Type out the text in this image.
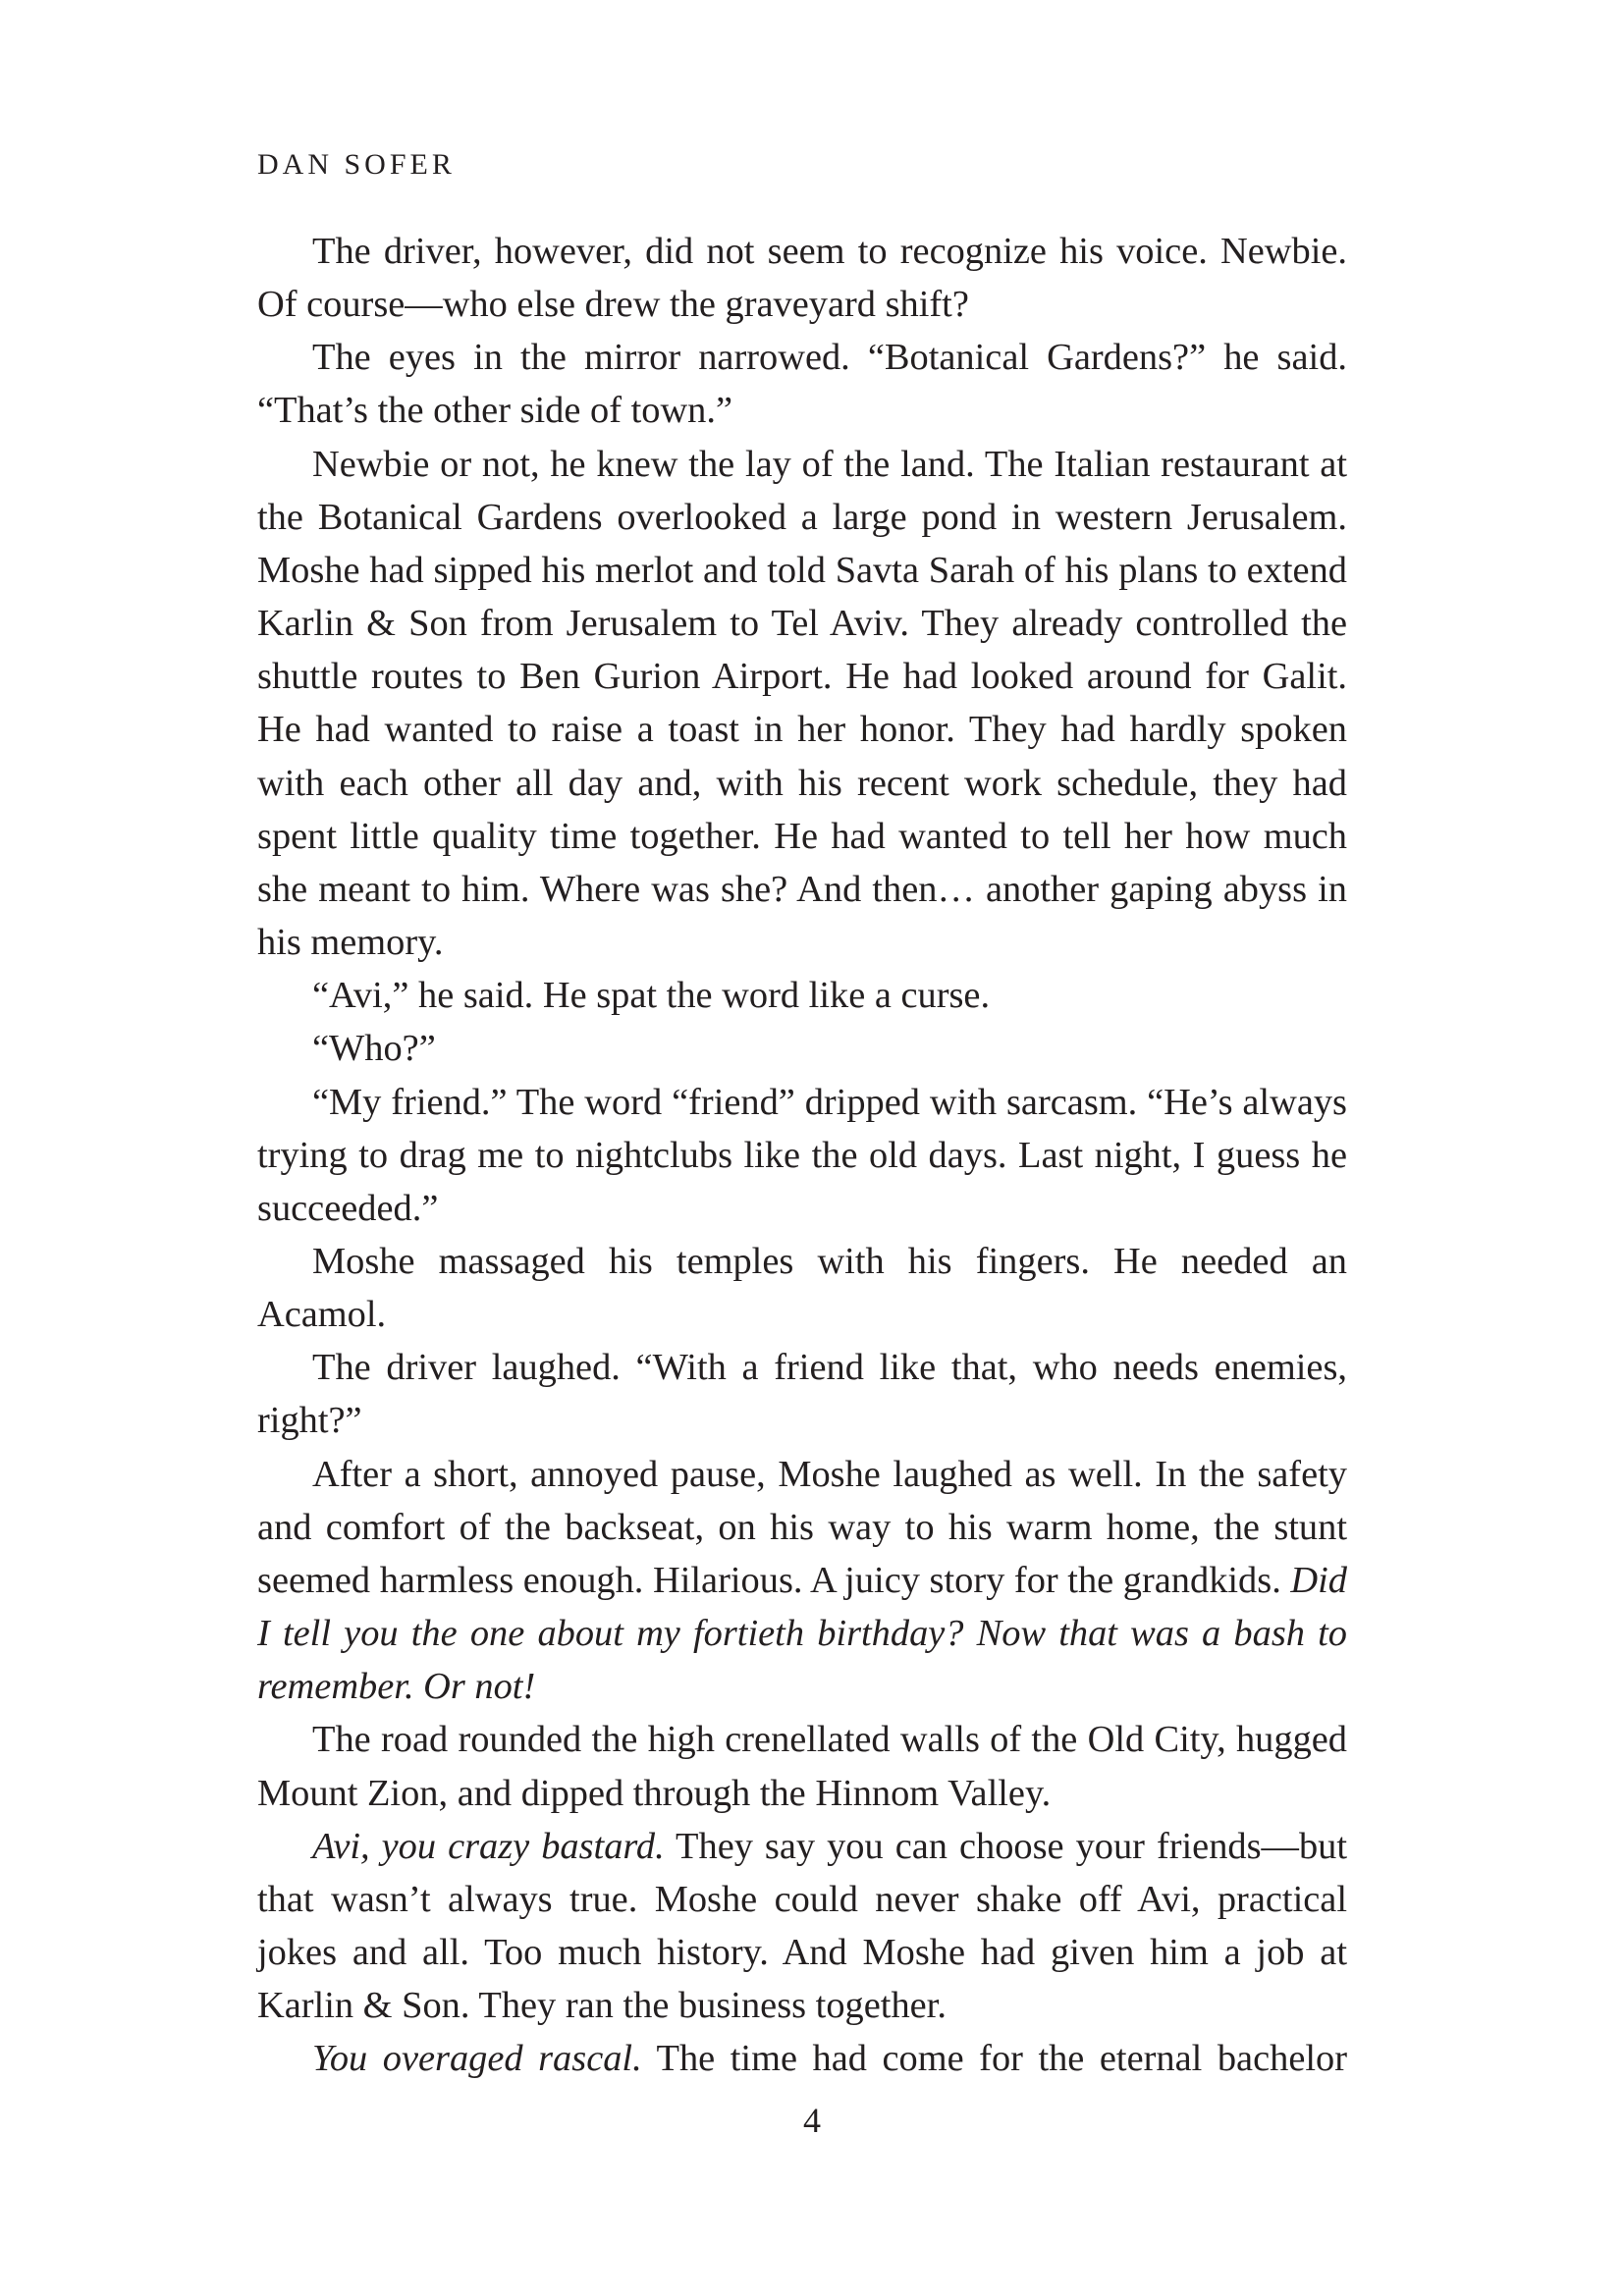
DAN SOFER

The driver, however, did not seem to recognize his voice. Newbie. Of course—who else drew the graveyard shift?

The eyes in the mirror narrowed. “Botanical Gardens?” he said. “That’s the other side of town.”

Newbie or not, he knew the lay of the land. The Italian restaurant at the Botanical Gardens overlooked a large pond in western Jerusalem. Moshe had sipped his merlot and told Savta Sarah of his plans to extend Karlin & Son from Jerusalem to Tel Aviv. They already controlled the shuttle routes to Ben Gurion Airport. He had looked around for Galit. He had wanted to raise a toast in her honor. They had hardly spoken with each other all day and, with his recent work schedule, they had spent little quality time together. He had wanted to tell her how much she meant to him. Where was she? And then… another gaping abyss in his memory.

“Avi,” he said. He spat the word like a curse.

“Who?”

“My friend.” The word “friend” dripped with sarcasm. “He’s always trying to drag me to nightclubs like the old days. Last night, I guess he succeeded.”

Moshe massaged his temples with his fingers. He needed an Acamol.

The driver laughed. “With a friend like that, who needs enemies, right?”

After a short, annoyed pause, Moshe laughed as well. In the safety and comfort of the backseat, on his way to his warm home, the stunt seemed harmless enough. Hilarious. A juicy story for the grandkids. Did I tell you the one about my fortieth birthday? Now that was a bash to remember. Or not!

The road rounded the high crenellated walls of the Old City, hugged Mount Zion, and dipped through the Hinnom Valley.

Avi, you crazy bastard. They say you can choose your friends—but that wasn’t always true. Moshe could never shake off Avi, practical jokes and all. Too much history. And Moshe had given him a job at Karlin & Son. They ran the business together.

You overaged rascal. The time had come for the eternal bachelor

4
